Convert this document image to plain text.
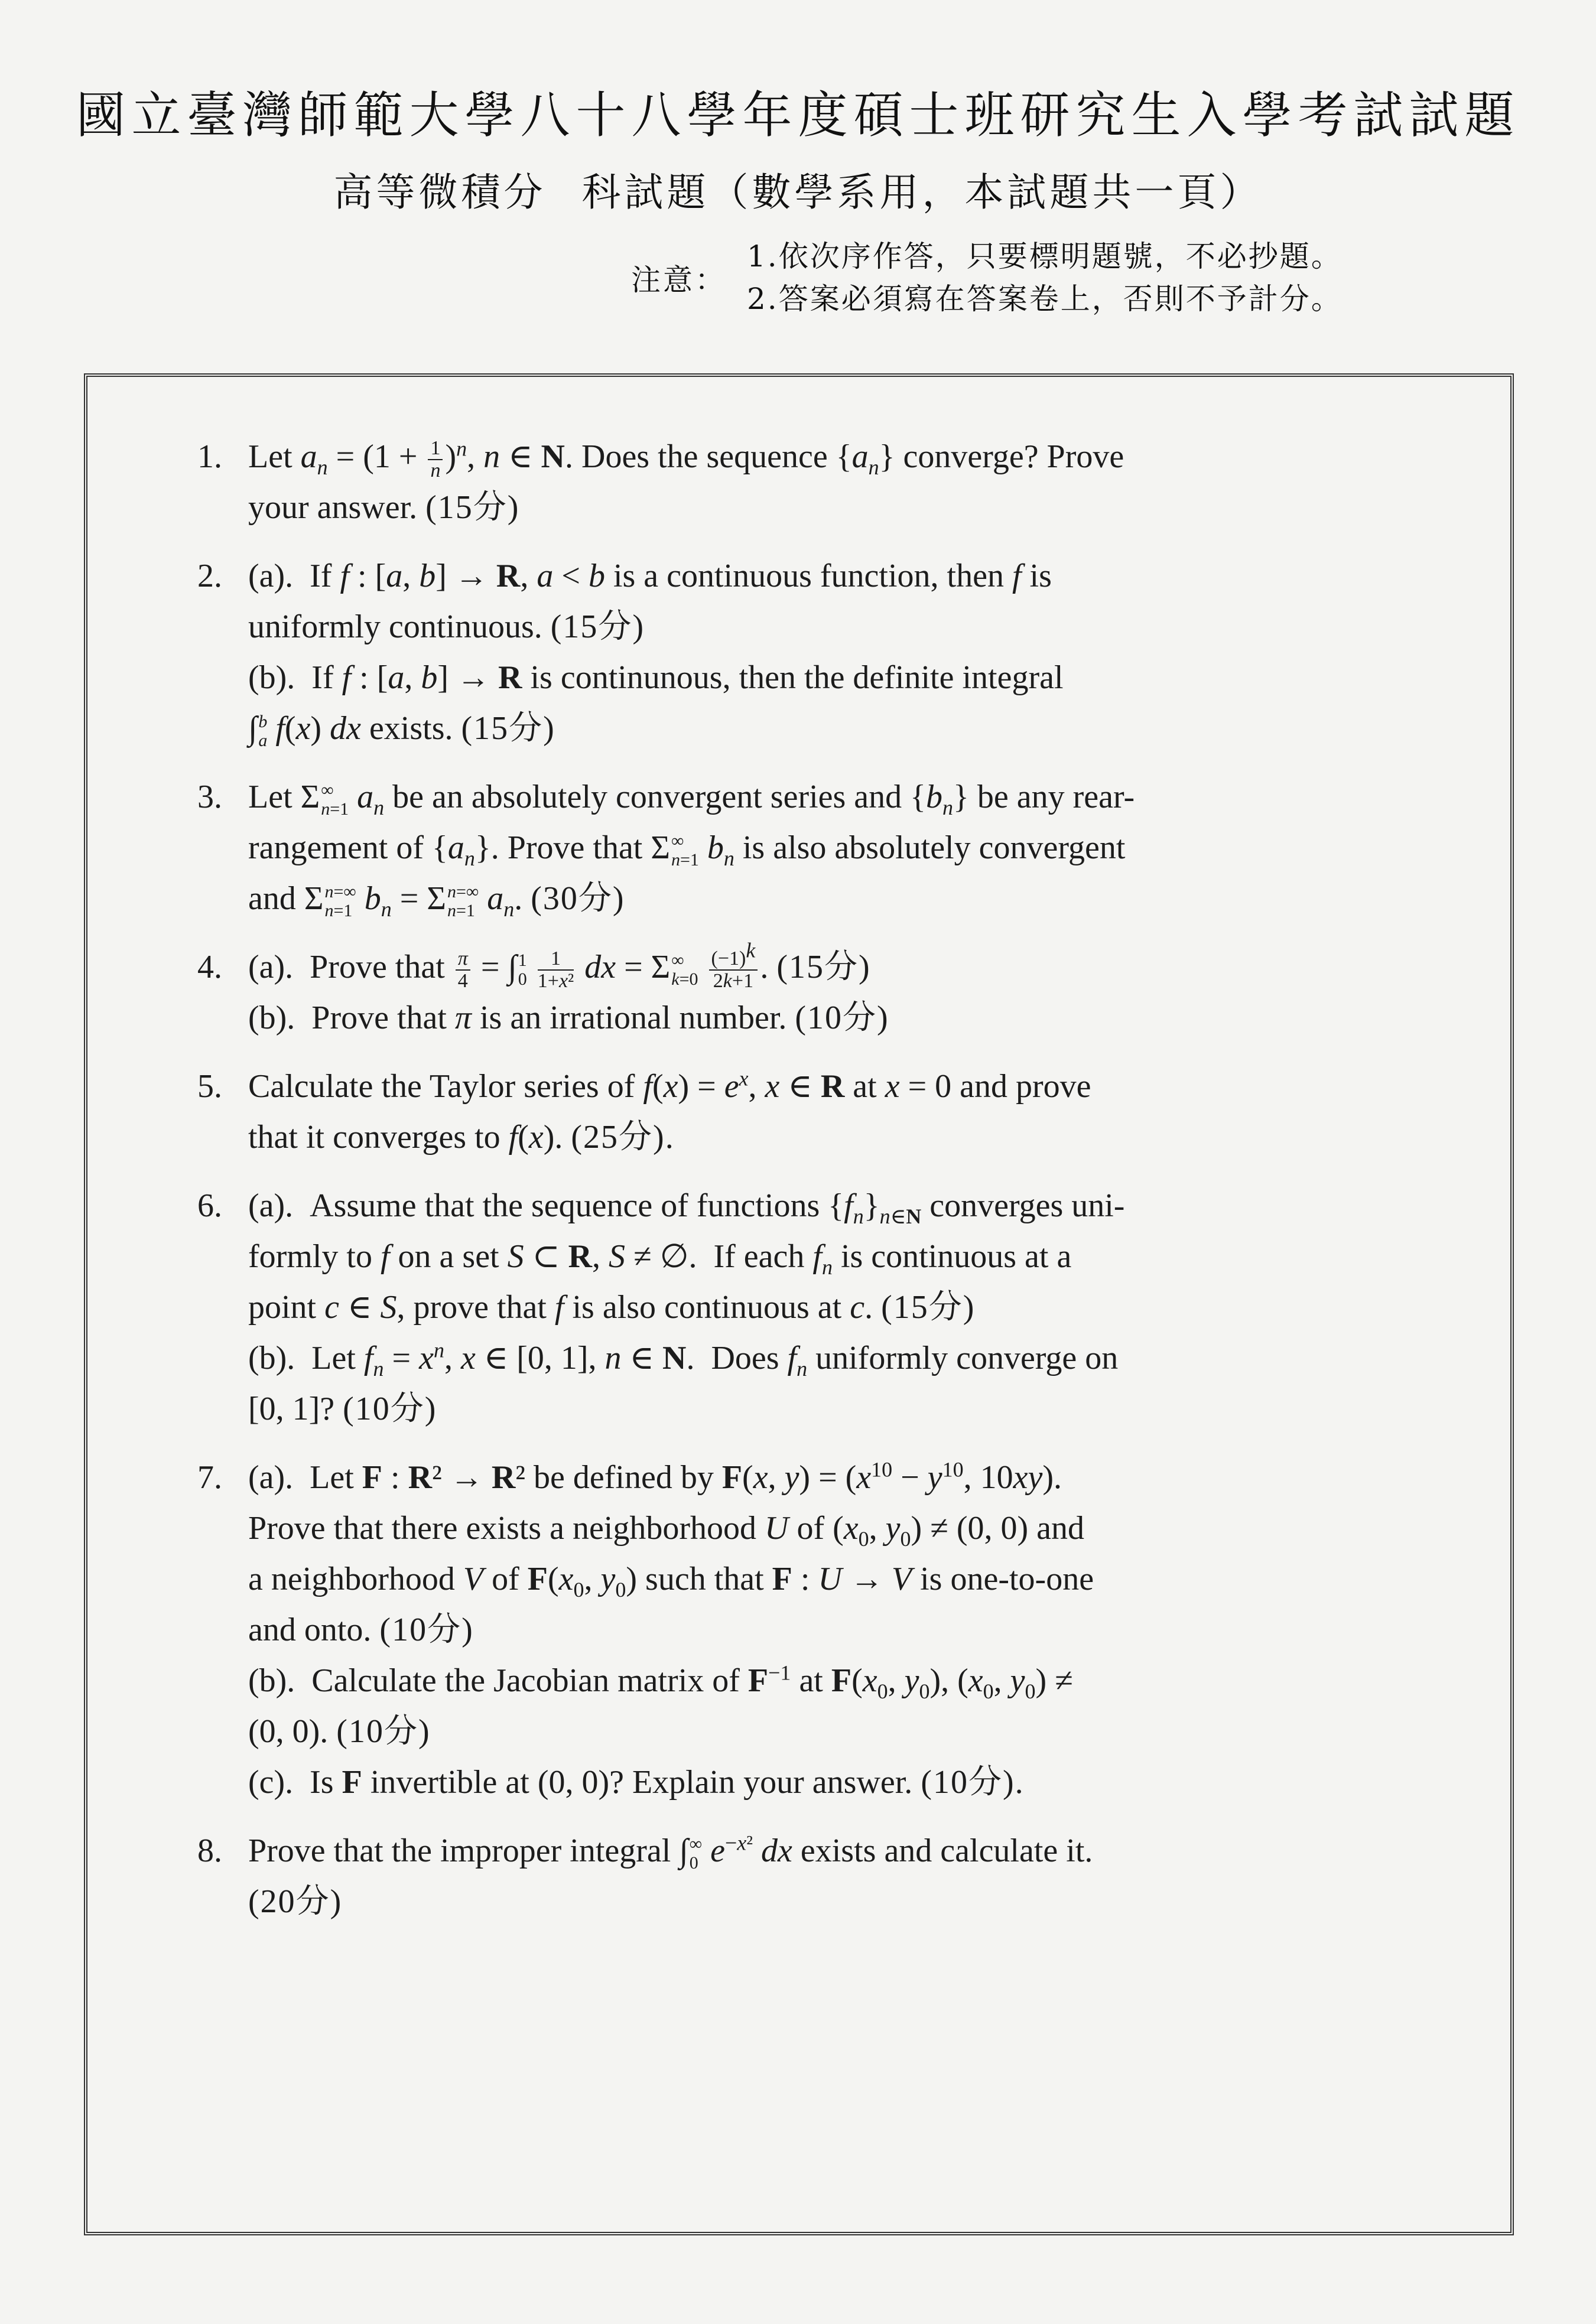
國立臺灣師範大學八十八學年度碩士班研究生入學考試試題
高等微積分 科試題（數學系用，本試題共一頁）
注意：
1.依次序作答，只要標明題號，不必抄題。
2.答案必須寫在答案卷上，否則不予計分。
1. Let $a_n = (1 + \frac{1}{n} )^n$, n ∈ N. Does the sequence $\{a_n\}$ converge? Prove
your answer. (15分)
2. (a).  If f : [a, b] → R, a < b is a continuous function, then f is
uniformly continuous. (15分)
(b).  If f : [a, b] → R is continunous, then the definite integral
∫ b
a f(x) dx exists. (15分)
3. Let Σ ∞
n=1 $a_n$ be an absolutely convergent series and $\{b_n\}$ be any rear-
rangement of $\{a_n\}$. Prove that Σ ∞
n=1 $b_n$ is also absolutely convergent
and Σ n=∞
n=1 $b_n = \Sigma$ n=∞
n=1 $a_n$. (30分)
4. (a).  Prove that $\frac{\pi}{4}$ = ∫ 1
0
$\frac{1}{\text{1+x²}}$ dx = Σ ∞
k=0
$\frac{(-1)^k}{2k+1}$ . (15分)
(b).  Prove that π is an irrational number. (10分)
5. Calculate the Taylor series of $f(x) = e^x$, x ∈ R at x = 0 and prove
that it converges to f(x). (25分).
6. (a).  Assume that the sequence of functions $\{f_n\}_{n\in N}$ converges uni-
formly to f on a set S ⊂ R, S ≠ ∅.  If each $f_n$ is continuous at a
point c ∈ S, prove that f is also continuous at c. (15分)
(b).  Let $f_n = x^n$, x ∈ [0, 1], n ∈ N.  Does $f_n$ uniformly converge on
[0, 1]? (10分)
7. (a).  Let F : R² → R² be defined by F(x, $y) = (x^{10} - y^{10}$, 10xy).
Prove that there exists a neighborhood U of ($x_0$, $y_0) \ne (0$, 0) and
a neighborhood V of $F(x_0$, $y_0$) such that F : U → V is one-to-one
and onto. (10分)
(b).  Calculate the Jacobian matrix of $F^{-1}$ at $F(x_0$, $y_0$), ($x_0$, $y_0$) ≠
(0, 0). (10分)
(c).  Is F invertible at (0, 0)? Explain your answer. (10分).
8. Prove that the improper integral ∫ ∞
0 $e^{-x^2}$ dx exists and calculate it.
(20分)
